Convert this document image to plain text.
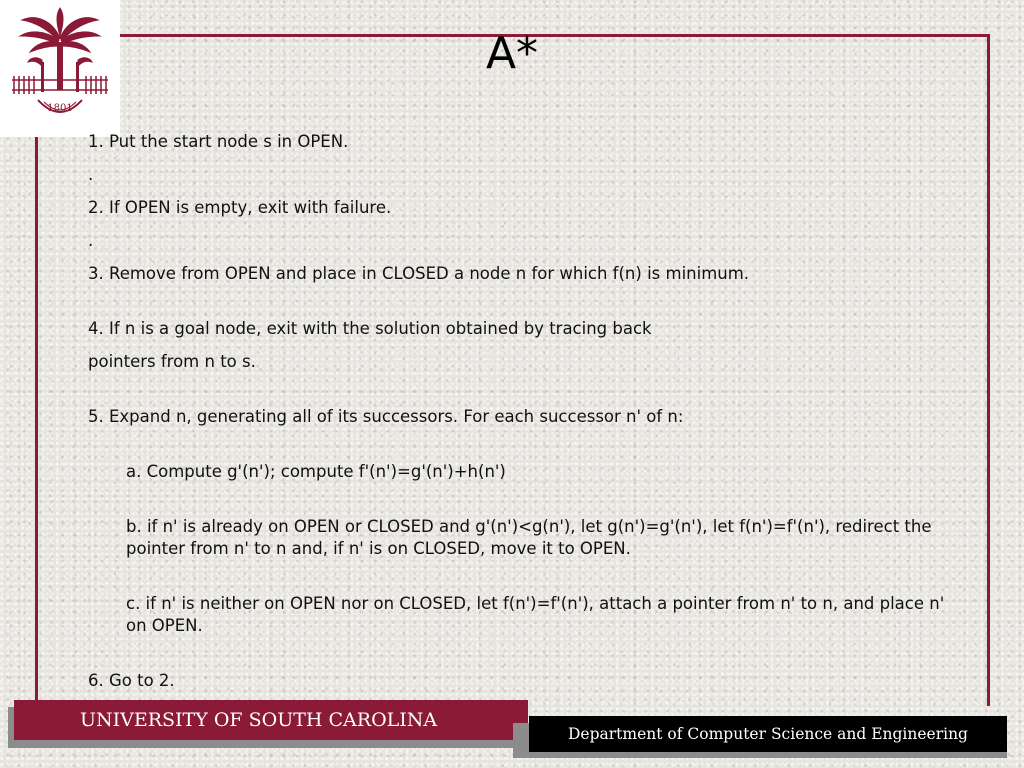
1801
A*

1. Put the start node s in OPEN.

.

2. If OPEN is empty, exit with failure.

.

3. Remove from OPEN and place in CLOSED a node n for which f(n) is minimum.

4. If n is a goal node, exit with the solution obtained by tracing back

pointers from n to s.

5. Expand n, generating all of its successors. For each successor n' of n:

a. Compute g'(n'); compute f'(n')=g'(n')+h(n')

b. if n' is already on OPEN or CLOSED and g'(n')<g(n'), let g(n')=g'(n'), let f(n')=f'(n'), redirect the pointer from n' to n and, if n' is on CLOSED, move it to OPEN.

c. if n' is neither on OPEN nor on CLOSED, let f(n')=f'(n'), attach a pointer from n' to n, and place n' on OPEN.

6. Go to 2.

UNIVERSITY OF SOUTH CAROLINA
Department of Computer Science and Engineering
